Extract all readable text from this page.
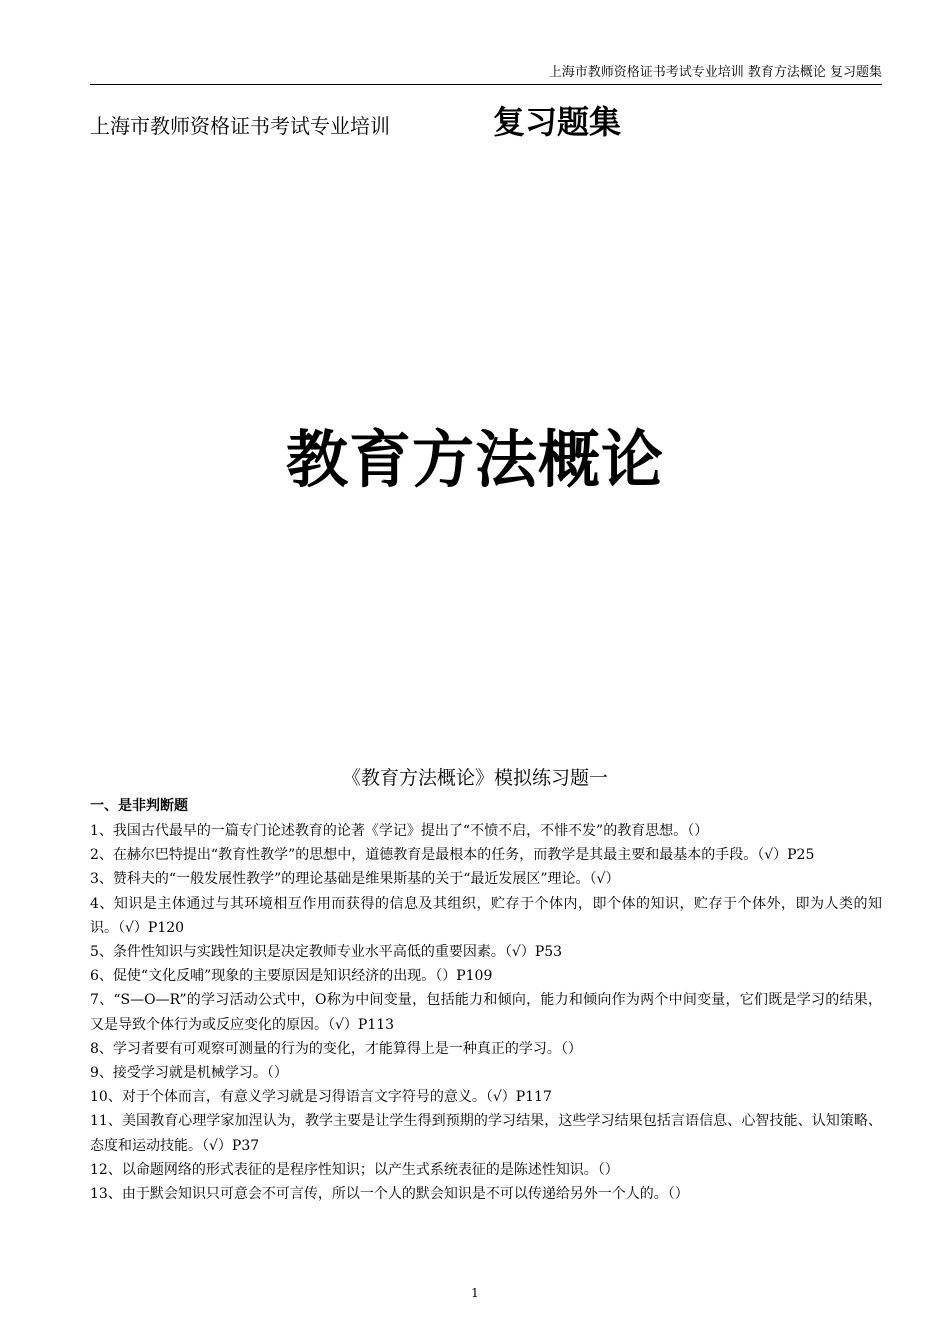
上海市教师资格证书考试专业培训 教育方法概论 复习题集
上海市教师资格证书考试专业培训	复习题集
教育方法概论
《教育方法概论》模拟练习题一
一、是非判断题
1、我国古代最早的一篇专门论述教育的论著《学记》提出了“不愤不启，不悱不发”的教育思想。（）
2、在赫尔巴特提出“教育性教学”的思想中，道德教育是最根本的任务，而教学是其最主要和最基本的手段。（√）P25
3、赞科夫的“一般发展性教学”的理论基础是维果斯基的关于“最近发展区”理论。（√）
4、知识是主体通过与其环境相互作用而获得的信息及其组织，贮存于个体内，即个体的知识，贮存于个体外，即为人类的知识。（√）P120
5、条件性知识与实践性知识是决定教师专业水平高低的重要因素。（√）P53
6、促使“文化反哺”现象的主要原因是知识经济的出现。（）P109
7、“S—O—R”的学习活动公式中，O称为中间变量，包括能力和倾向，能力和倾向作为两个中间变量，它们既是学习的结果，又是导致个体行为或反应变化的原因。（√）P113
8、学习者要有可观察可测量的行为的变化，才能算得上是一种真正的学习。（）
9、接受学习就是机械学习。（）
10、对于个体而言，有意义学习就是习得语言文字符号的意义。（√）P117
11、美国教育心理学家加涅认为，教学主要是让学生得到预期的学习结果，这些学习结果包括言语信息、心智技能、认知策略、态度和运动技能。（√）P37
12、以命题网络的形式表征的是程序性知识；以产生式系统表征的是陈述性知识。（）
13、由于默会知识只可意会不可言传，所以一个人的默会知识是不可以传递给另外一个人的。（）
1
